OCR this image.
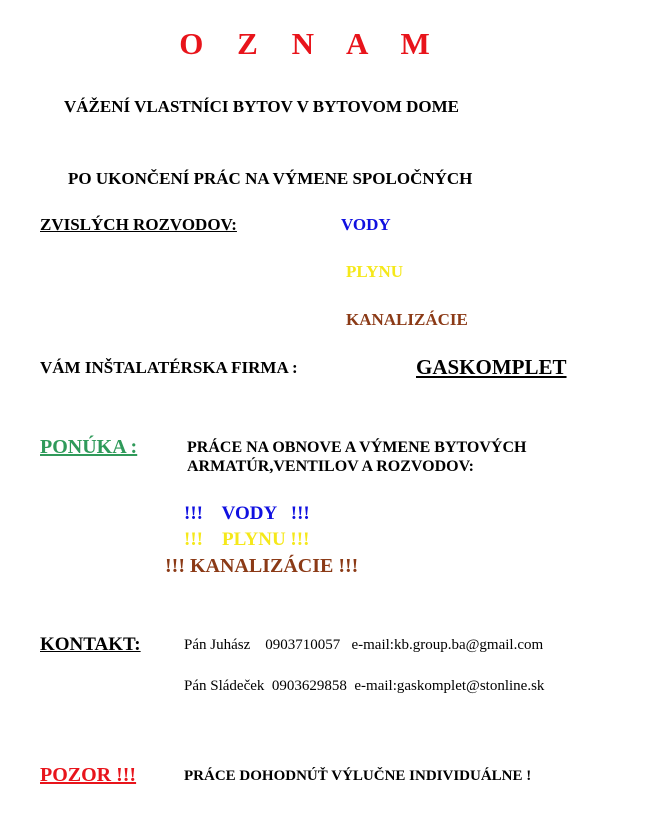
O Z N A M
VÁŽENÍ VLASTNÍCI BYTOV V BYTOVOM DOME
PO UKONČENÍ PRÁC NA VÝMENE SPOLOČNÝCH
ZVISLÝCH ROZVODOV:	VODY
PLYNU
KANALIZÁCIE
VÁM INŠTALATÉRSKA FIRMA :	GASKOMPLET
PONÚKA :	PRÁCE NA OBNOVE A VÝMENE BYTOVÝCH
ARMATÚR,VENTILOV A ROZVODOV:
!!!    VODY   !!!
!!!    PLYNU !!!
!!! KANALIZÁCIE !!!
KONTAKT:	Pán Juhász    0903710057   e-mail:kb.group.ba@gmail.com
Pán Sládeček  0903629858  e-mail:gaskomplet@stonline.sk
POZOR !!!	PRÁCE DOHODNÚŤ VÝLUČNE INDIVIDUÁLNE !
